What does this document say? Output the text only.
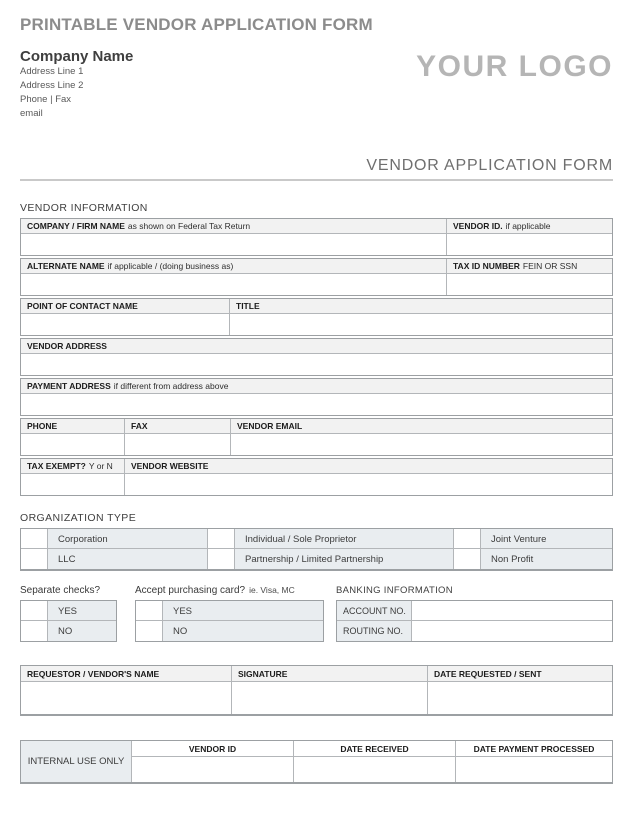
PRINTABLE VENDOR APPLICATION FORM
Company Name
Address Line 1
Address Line 2
Phone | Fax
email
YOUR LOGO
VENDOR APPLICATION FORM
VENDOR INFORMATION
COMPANY / FIRM NAME as shown on Federal Tax Return	VENDOR ID. if applicable
ALTERNATE NAME if applicable / (doing business as)	TAX ID NUMBER FEIN OR SSN
POINT OF CONTACT NAME	TITLE
VENDOR ADDRESS
PAYMENT ADDRESS if different from address above
PHONE	FAX	VENDOR EMAIL
TAX EXEMPT? Y or N	VENDOR WEBSITE
ORGANIZATION TYPE
Corporation	Individual / Sole Proprietor	Joint Venture
LLC	Partnership / Limited Partnership	Non Profit
Separate checks?
YES
NO
Accept purchasing card? ie. Visa, MC
YES
NO
BANKING INFORMATION
ACCOUNT NO.
ROUTING NO.
REQUESTOR / VENDOR'S NAME	SIGNATURE	DATE REQUESTED / SENT
INTERNAL USE ONLY
VENDOR ID	DATE RECEIVED	DATE PAYMENT PROCESSED
